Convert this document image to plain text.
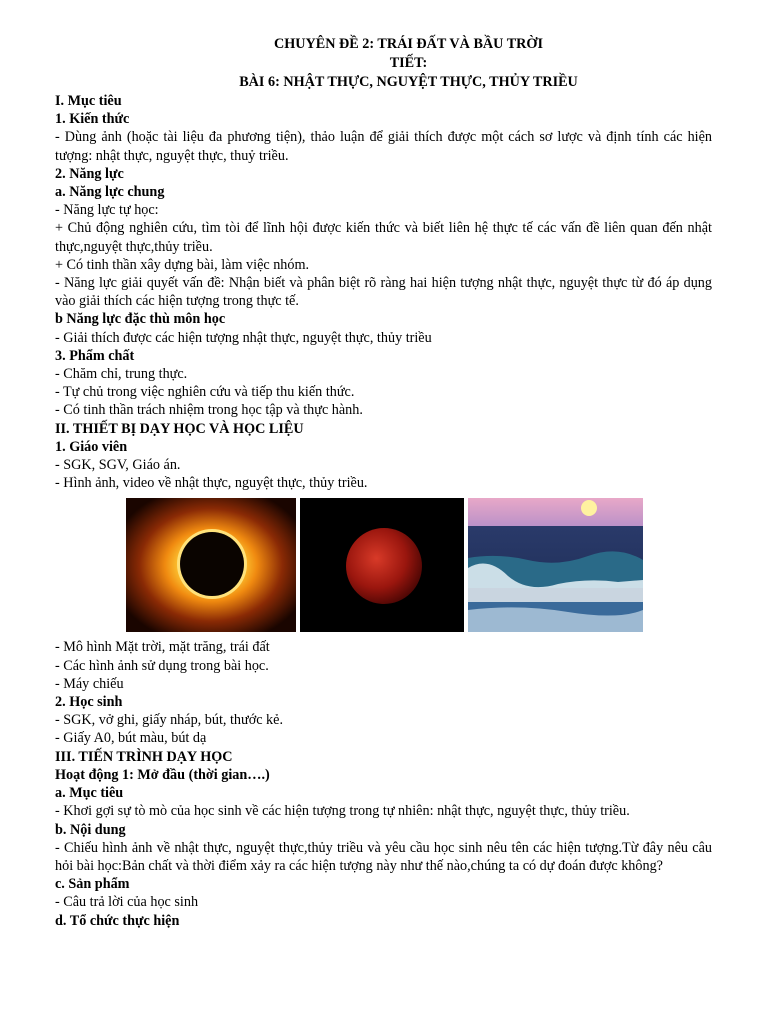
CHUYÊN ĐỀ 2: TRÁI ĐẤT VÀ BẦU TRỜI
TIẾT:
BÀI 6: NHẬT THỰC, NGUYỆT THỰC, THỦY TRIỀU
I. Mục tiêu
1. Kiến thức
- Dùng ảnh (hoặc tài liệu đa phương tiện), thảo luận để giải thích được một cách sơ lược và định tính các hiện tượng: nhật thực, nguyệt thực, thuỷ triều.
2. Năng lực
a. Năng lực chung
- Năng lực tự học:
+ Chủ động nghiên cứu, tìm tòi để lĩnh hội được kiến thức và biết liên hệ thực tế các vấn đề liên quan đến nhật thực,nguyệt thực,thủy triều.
+ Có tinh thần xây dựng bài, làm việc nhóm.
- Năng lực giải quyết vấn đề: Nhận biết và phân biệt rõ ràng hai hiện tượng nhật thực, nguyệt thực từ đó áp dụng vào giải thích các hiện tượng trong thực tế.
b Năng lực đặc thù môn học
- Giải thích được các hiện tượng nhật thực, nguyệt thực, thủy triều
3. Phẩm chất
- Chăm chỉ, trung thực.
- Tự chủ trong việc nghiên cứu và tiếp thu kiến thức.
- Có tinh thần trách nhiệm trong học tập và thực hành.
II. THIẾT BỊ DẠY HỌC VÀ HỌC LIỆU
1. Giáo viên
- SGK, SGV, Giáo án.
- Hình ảnh, video về nhật thực, nguyệt thực, thủy triều.
- Mô hình Mặt trời, mặt trăng, trái đất
- Các hình ảnh sử dụng trong bài học.
- Máy chiếu
2. Học sinh
- SGK, vở ghi, giấy nháp, bút, thước kẻ.
- Giấy A0, bút màu, bút dạ
III. TIẾN TRÌNH DẠY HỌC
Hoạt động 1: Mở đầu (thời gian….)
a. Mục tiêu
- Khơi gợi sự tò mò của học sinh về các hiện tượng trong tự nhiên: nhật thực, nguyệt thực, thủy triều.
b. Nội dung
- Chiếu hình ảnh về nhật thực, nguyệt thực,thủy triều và yêu cầu học sinh nêu tên các hiện tượng.Từ đây nêu câu hỏi bài học:Bản chất và thời điểm xảy ra các hiện tượng này như thế nào,chúng ta có dự đoán được không?
c. Sản phẩm
- Câu trả lời của học sinh
d. Tổ chức thực hiện
